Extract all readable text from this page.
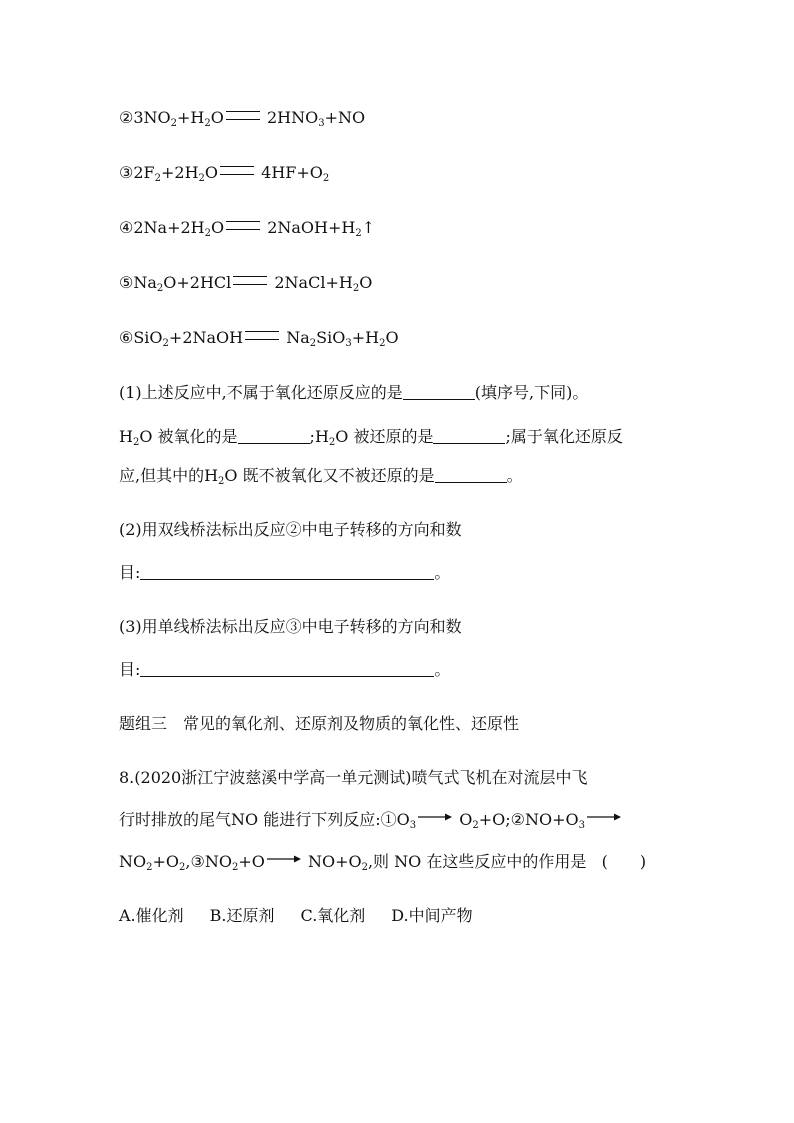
$②3NO_2+H_2O$	$2HNO_3+NO$
$③2F_2+2H_2O$	$4HF+O_2$
$④2Na+2H_2O$	$2NaOH+H_2↑$
$⑤Na_2O+2HCl$	$2NaCl+H_2O$
⑥SiO$_2$+2NaOH	$Na_2SiO_3+H_2O$
(1)上述反应中,不属于氧化还原反应的是	(填序号,下同)。
$H_2O$ 被氧化的是	$;H_2O$ 被还原的是	;属于氧化还原反
应,但其中的$H_2O$ 既不被氧化又不被还原的是	。
(2)用双线桥法标出反应②中电子转移的方向和数
目:	。
(3)用单线桥法标出反应③中电子转移的方向和数
目:	。
题组三　常见的氧化剂、还原剂及物质的氧化性、还原性
8.(2020浙江宁波慈溪中学高一单元测试)喷气式飞机在对流层中飞
行时排放的尾气NO 能进行下列反应$:①O_3$ → $O_2+O;②NO+O_3$
$NO_2+O_2,③NO_2+O \to NO+O_2$,则 NO 在这些反应中的作用是 (　　)
A.催化剂 B.还原剂 C.氧化剂 D.中间产物
